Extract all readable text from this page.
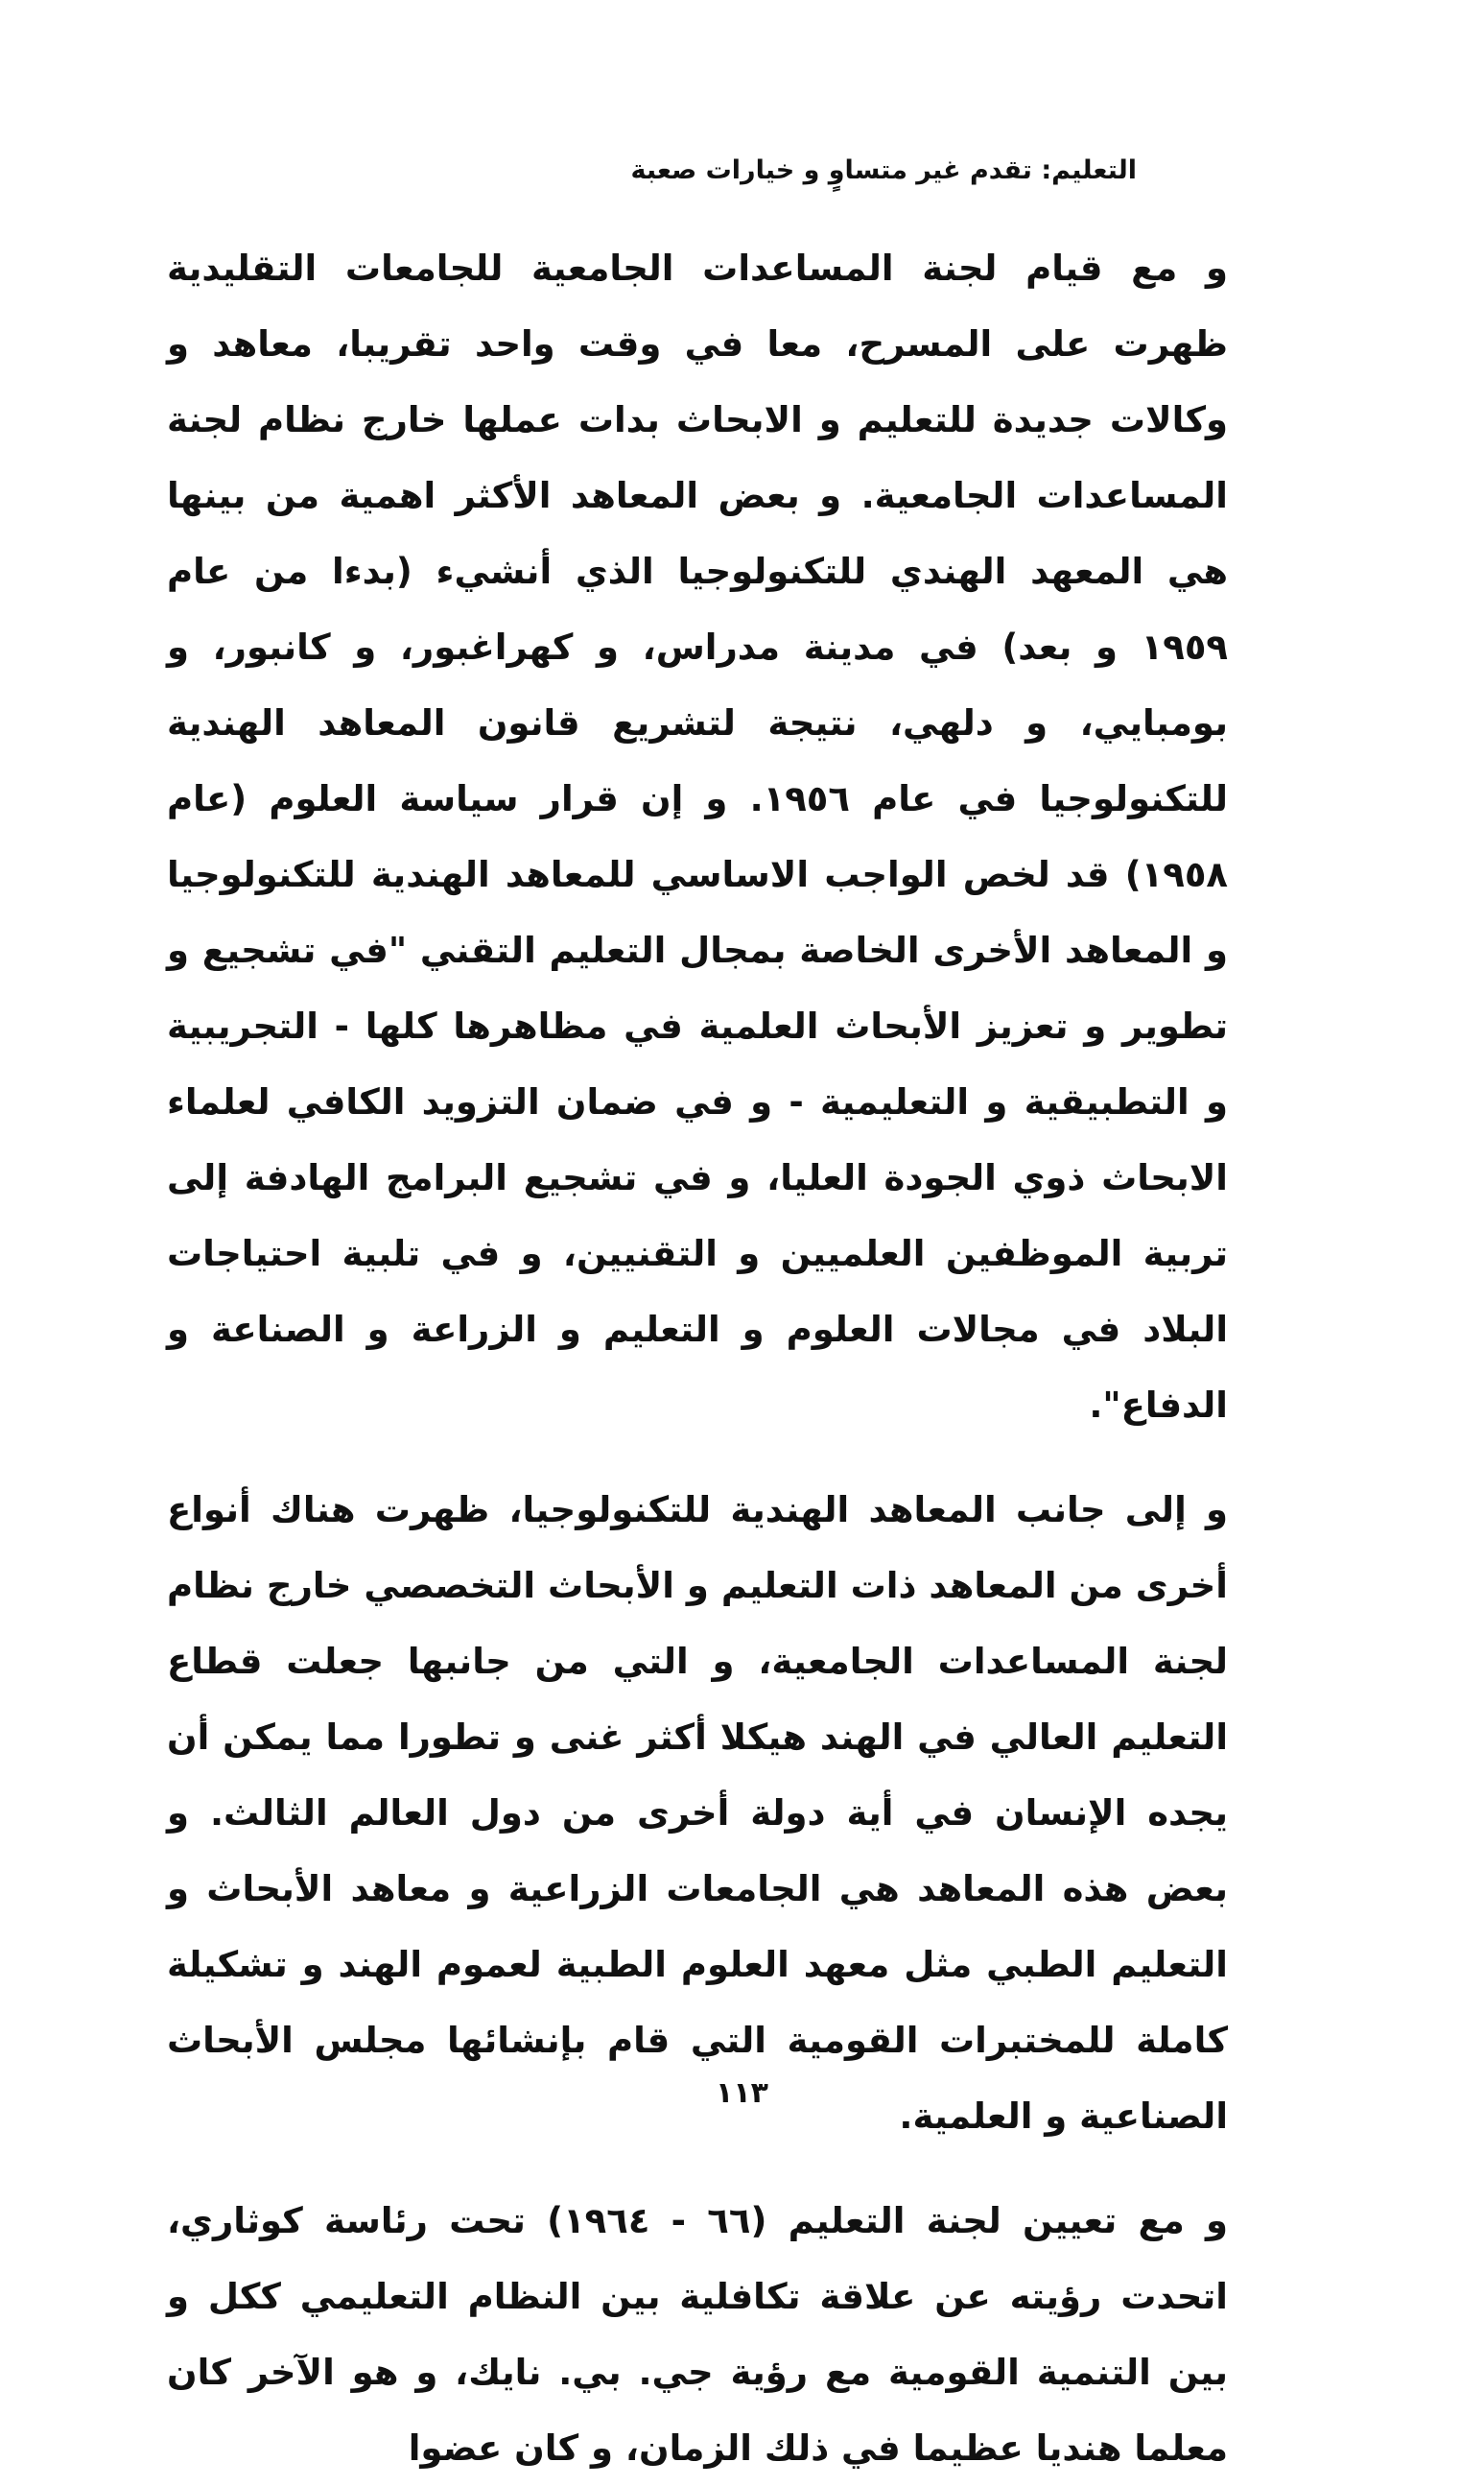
التعليم: تقدم غير متساوٍ و خيارات صعبة

و مع قيام لجنة المساعدات الجامعية للجامعات التقليدية ظهرت على المسرح، معا في وقت واحد تقريبا، معاهد و وكالات جديدة للتعليم و الابحاث بدات عملها خارج نظام لجنة المساعدات الجامعية. و بعض المعاهد الأكثر اهمية من بينها هي المعهد الهندي للتكنولوجيا الذي أنشيء (بدءا من عام ١٩٥٩ و بعد) في مدينة مدراس، و كهراغبور، و كانبور، و بومبايي، و دلهي، نتيجة لتشريع قانون المعاهد الهندية للتكنولوجيا في عام ١٩٥٦. و إن قرار سياسة العلوم (عام ١٩٥٨) قد لخص الواجب الاساسي للمعاهد الهندية للتكنولوجيا و المعاهد الأخرى الخاصة بمجال التعليم التقني "في تشجيع و تطوير و تعزيز الأبحاث العلمية في مظاهرها كلها - التجريبية و التطبيقية و التعليمية - و في ضمان التزويد الكافي لعلماء الابحاث ذوي الجودة العليا، و في تشجيع البرامج الهادفة إلى تربية الموظفين العلميين و التقنيين، و في تلبية احتياجات البلاد في مجالات العلوم و التعليم و الزراعة و الصناعة و الدفاع".

و إلى جانب المعاهد الهندية للتكنولوجيا، ظهرت هناك أنواع أخرى من المعاهد ذات التعليم و الأبحاث التخصصي خارج نظام لجنة المساعدات الجامعية، و التي من جانبها جعلت قطاع التعليم العالي في الهند هيكلا أكثر غنى و تطورا مما يمكن أن يجده الإنسان في أية دولة أخرى من دول العالم الثالث. و بعض هذه المعاهد هي الجامعات الزراعية و معاهد الأبحاث و التعليم الطبي مثل معهد العلوم الطبية لعموم الهند و تشكيلة كاملة للمختبرات القومية التي قام بإنشائها مجلس الأبحاث الصناعية و العلمية.

و مع تعيين لجنة التعليم (٦٦ - ١٩٦٤) تحت رئاسة كوثاري، اتحدت رؤيته عن علاقة تكافلية بين النظام التعليمي ككل و بين التنمية القومية مع رؤية جي. بي. نايك، و هو الآخر كان معلما هنديا عظيما في ذلك الزمان، و كان عضوا

١١٣
